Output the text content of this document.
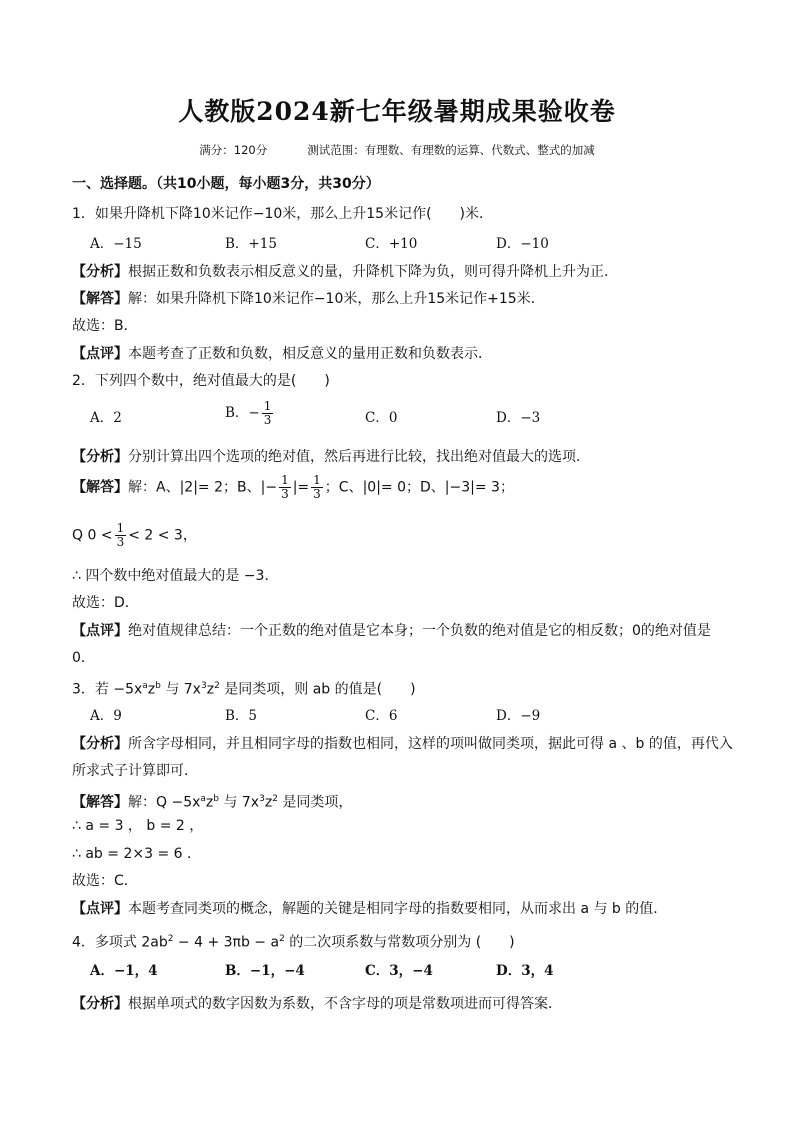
人教版2024新七年级暑期成果验收卷
满分：120分	测试范围：有理数、有理数的运算、代数式、整式的加减
一、选择题。（共10小题，每小题3分，共30分）
1．如果升降机下降10米记作−10米，那么上升15米记作(　　)米．
A．−15	B．+15	C．+10	D．−10
【分析】根据正数和负数表示相反意义的量，升降机下降为负，则可得升降机上升为正．
【解答】解：如果升降机下降10米记作−10米，那么上升15米记作+15米．
故选：B．
【点评】本题考查了正数和负数，相反意义的量用正数和负数表示．
2．下列四个数中，绝对值最大的是(　　)
A．2	B．− $\frac{1}{3}$	C．0	D．−3
【分析】分别计算出四个选项的绝对值，然后再进行比较，找出绝对值最大的选项．
【解答】解：A、|2|= 2；B、|− $\frac{1}{3}$ |= $\frac{1}{3}$ ；C、|0|= 0；D、|−3|= 3；
Q $0 < \frac{1}{3} < 2 < 3$，
∴ 四个数中绝对值最大的是 −3．
故选：D．
【点评】绝对值规律总结：一个正数的绝对值是它本身；一个负数的绝对值是它的相反数；0的绝对值是
0．
3．若 $-5x^az^b$ 与 $7x^3z^2$ 是同类项，则 ab 的值是(　　)
A．9	B．5	C．6	D．−9
【分析】所含字母相同，并且相同字母的指数也相同，这样的项叫做同类项，据此可得 a 、b 的值，再代入
所求式子计算即可．
【解答】解：$Q -5x^az^b$ 与 $7x^3z^2$ 是同类项，
∴ a = 3 ， b = 2 ，
∴ ab = 2×3 = 6 ．
故选：C．
【点评】本题考查同类项的概念，解题的关键是相同字母的指数要相同，从而求出 a 与 b 的值．
4．多项式 $2ab^2 - 4 + 3\pi b - a^2$ 的二次项系数与常数项分别为 (　　)
A．−1，4	B．−1，−4	C．3，−4	D．3，4
【分析】根据单项式的数字因数为系数，不含字母的项是常数项进而可得答案．
